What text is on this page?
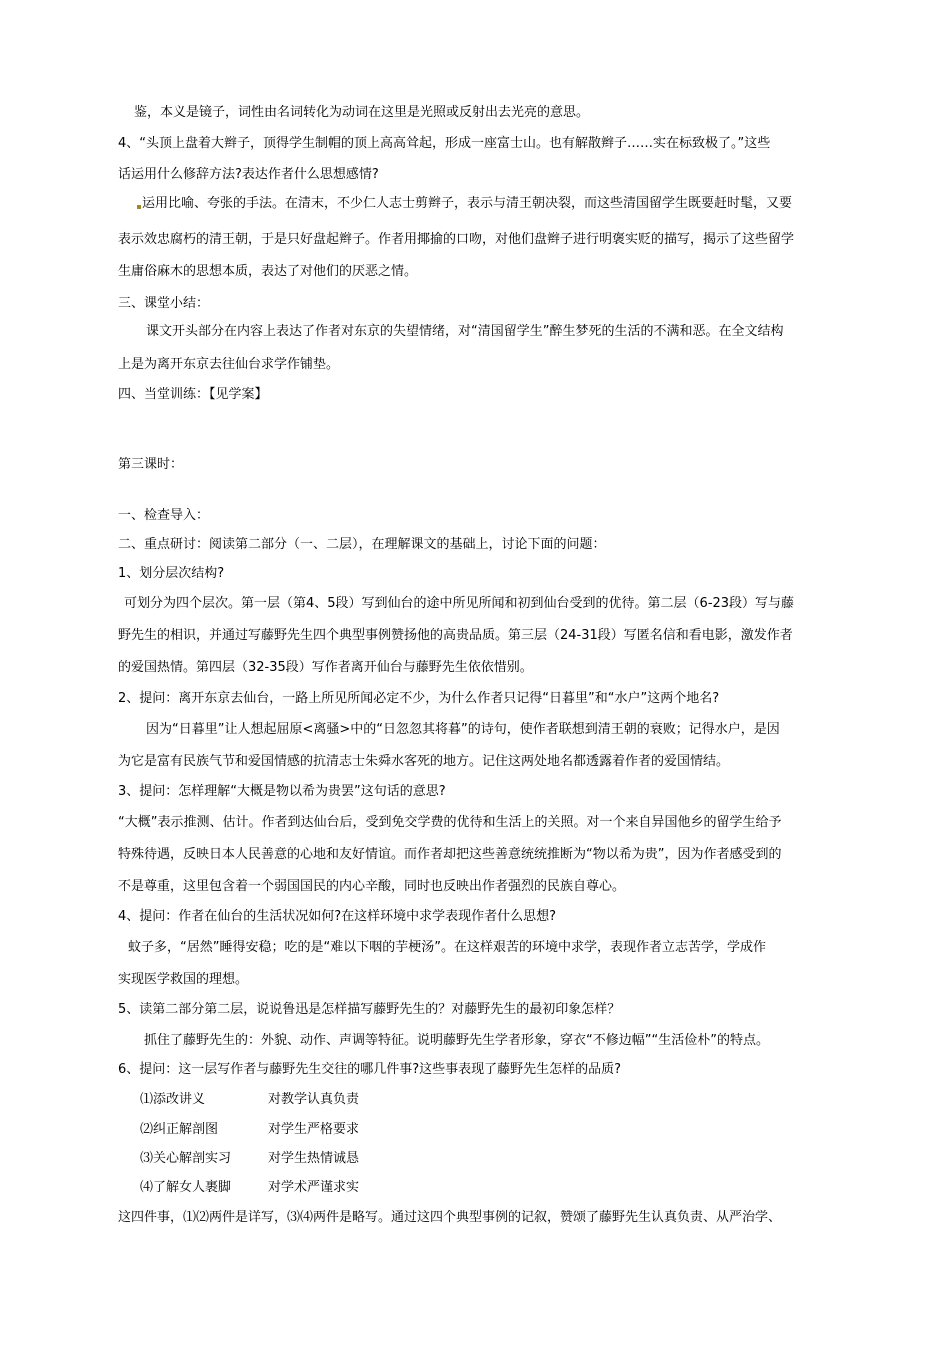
鉴，本义是镜子，词性由名词转化为动词在这里是光照或反射出去光亮的意思。
4、“头顶上盘着大辫子，顶得学生制帽的顶上高高耸起，形成一座富士山。也有解散辫子……实在标致极了。”这些
话运用什么修辞方法?表达作者什么思想感情?
运用比喻、夸张的手法。在清末，不少仁人志士剪辫子，表示与清王朝决裂，而这些清国留学生既要赶时髦，又要
表示效忠腐朽的清王朝，于是只好盘起辫子。作者用揶揄的口吻，对他们盘辫子进行明褒实贬的描写，揭示了这些留学
生庸俗麻木的思想本质，表达了对他们的厌恶之情。
三、课堂小结：
课文开头部分在内容上表达了作者对东京的失望情绪，对“清国留学生”醉生梦死的生活的不满和恶。在全文结构
上是为离开东京去往仙台求学作铺垫。
四、当堂训练：【见学案】
第三课时：
一、检查导入：
二、重点研讨：阅读第二部分（一、二层），在理解课文的基础上，讨论下面的问题：
1、划分层次结构?
可划分为四个层次。第一层（第4、5段）写到仙台的途中所见所闻和初到仙台受到的优待。第二层（6-23段）写与藤
野先生的相识，并通过写藤野先生四个典型事例赞扬他的高贵品质。第三层（24-31段）写匿名信和看电影，激发作者
的爱国热情。第四层（32-35段）写作者离开仙台与藤野先生依依惜别。
2、提问：离开东京去仙台，一路上所见所闻必定不少，为什么作者只记得“日暮里”和“水户”这两个地名?
因为“日暮里”让人想起屈原<离骚>中的“日忽忽其将暮”的诗句，使作者联想到清王朝的衰败；记得水户，是因
为它是富有民族气节和爱国情感的抗清志士朱舜水客死的地方。记住这两处地名都透露着作者的爱国情结。
3、提问：怎样理解“大概是物以希为贵罢”这句话的意思?
“大概”表示推测、估计。作者到达仙台后，受到免交学费的优待和生活上的关照。对一个来自异国他乡的留学生给予
特殊待遇，反映日本人民善意的心地和友好情谊。而作者却把这些善意统统推断为“物以希为贵”，因为作者感受到的
不是尊重，这里包含着一个弱国国民的内心辛酸，同时也反映出作者强烈的民族自尊心。
4、提问：作者在仙台的生活状况如何?在这样环境中求学表现作者什么思想?
蚊子多，“居然”睡得安稳；吃的是“难以下咽的芋梗汤”。在这样艰苦的环境中求学，表现作者立志苦学，学成作
实现医学救国的理想。
5、读第二部分第二层，说说鲁迅是怎样描写藤野先生的？对藤野先生的最初印象怎样？
抓住了藤野先生的：外貌、动作、声调等特征。说明藤野先生学者形象，穿衣“不修边幅”“生活俭朴”的特点。
6、提问：这一层写作者与藤野先生交往的哪几件事?这些事表现了藤野先生怎样的品质?
⑴添改讲义	对教学认真负责
⑵纠正解剖图	对学生严格要求
⑶关心解剖实习	对学生热情诚恳
⑷了解女人裹脚	对学术严谨求实
这四件事，⑴⑵两件是详写，⑶⑷两件是略写。通过这四个典型事例的记叙，赞颂了藤野先生认真负责、从严治学、
